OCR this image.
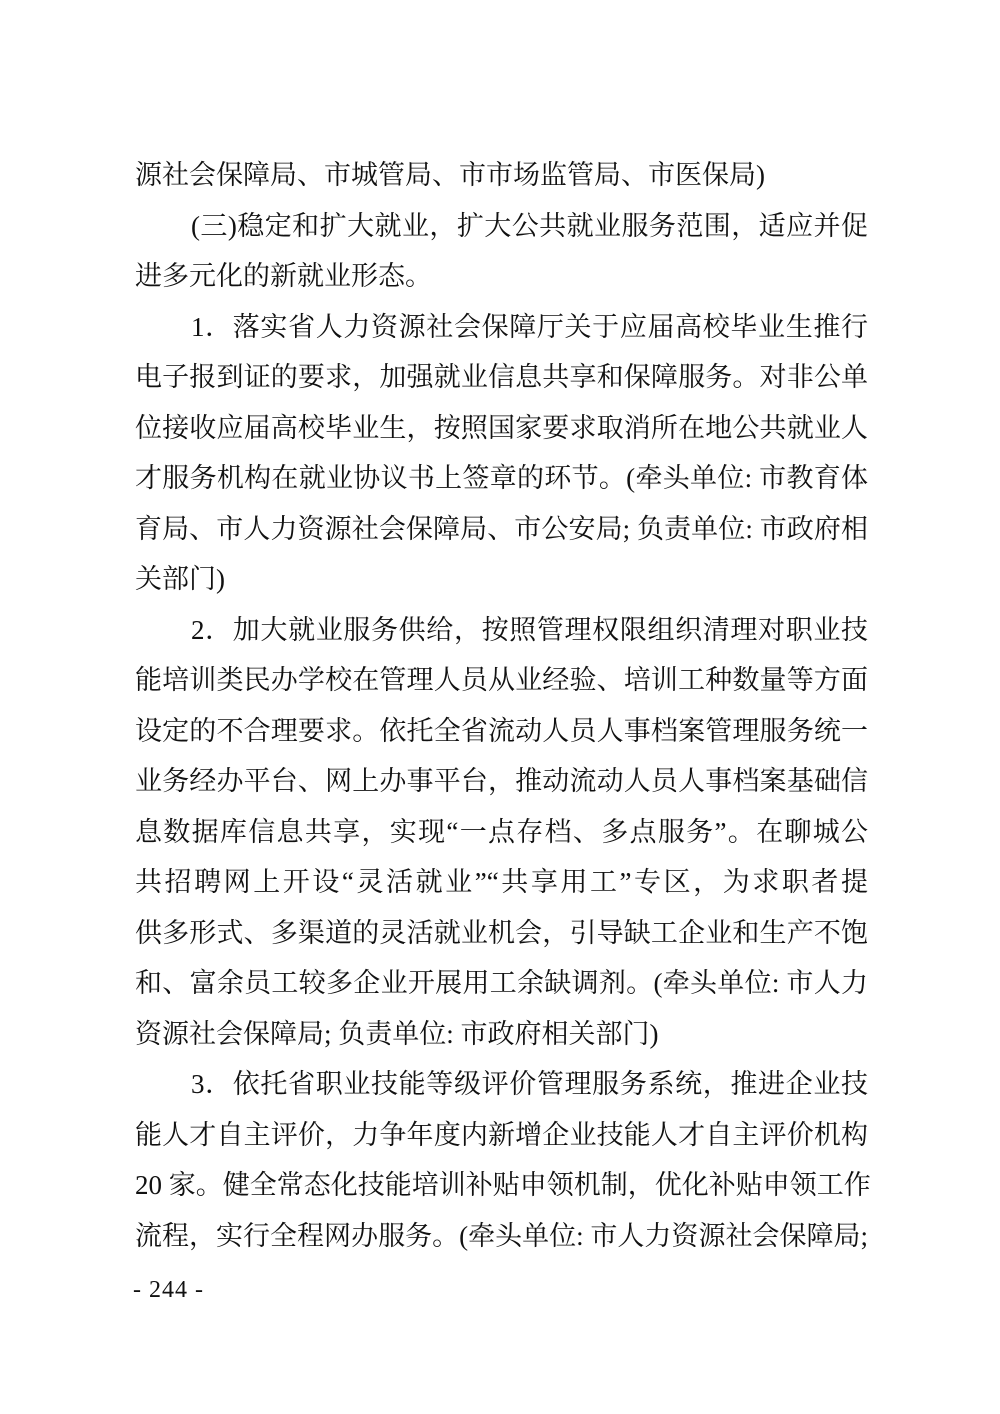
源社会保障局、市城管局、市市场监管局、市医保局)
(三)稳定和扩大就业，扩大公共就业服务范围，适应并促
进多元化的新就业形态。
1．落实省人力资源社会保障厅关于应届高校毕业生推行
电子报到证的要求，加强就业信息共享和保障服务。对非公单
位接收应届高校毕业生，按照国家要求取消所在地公共就业人
才服务机构在就业协议书上签章的环节。(牵头单位: 市教育体
育局、市人力资源社会保障局、市公安局; 负责单位: 市政府相
关部门)
2．加大就业服务供给，按照管理权限组织清理对职业技
能培训类民办学校在管理人员从业经验、培训工种数量等方面
设定的不合理要求。依托全省流动人员人事档案管理服务统一
业务经办平台、网上办事平台，推动流动人员人事档案基础信
息数据库信息共享，实现“一点存档、多点服务”。在聊城公
共招聘网上开设“灵活就业”“共享用工”专区，为求职者提
供多形式、多渠道的灵活就业机会，引导缺工企业和生产不饱
和、富余员工较多企业开展用工余缺调剂。(牵头单位: 市人力
资源社会保障局; 负责单位: 市政府相关部门)
3．依托省职业技能等级评价管理服务系统，推进企业技
能人才自主评价，力争年度内新增企业技能人才自主评价机构
20 家。健全常态化技能培训补贴申领机制，优化补贴申领工作
流程，实行全程网办服务。(牵头单位: 市人力资源社会保障局;
- 244 -
